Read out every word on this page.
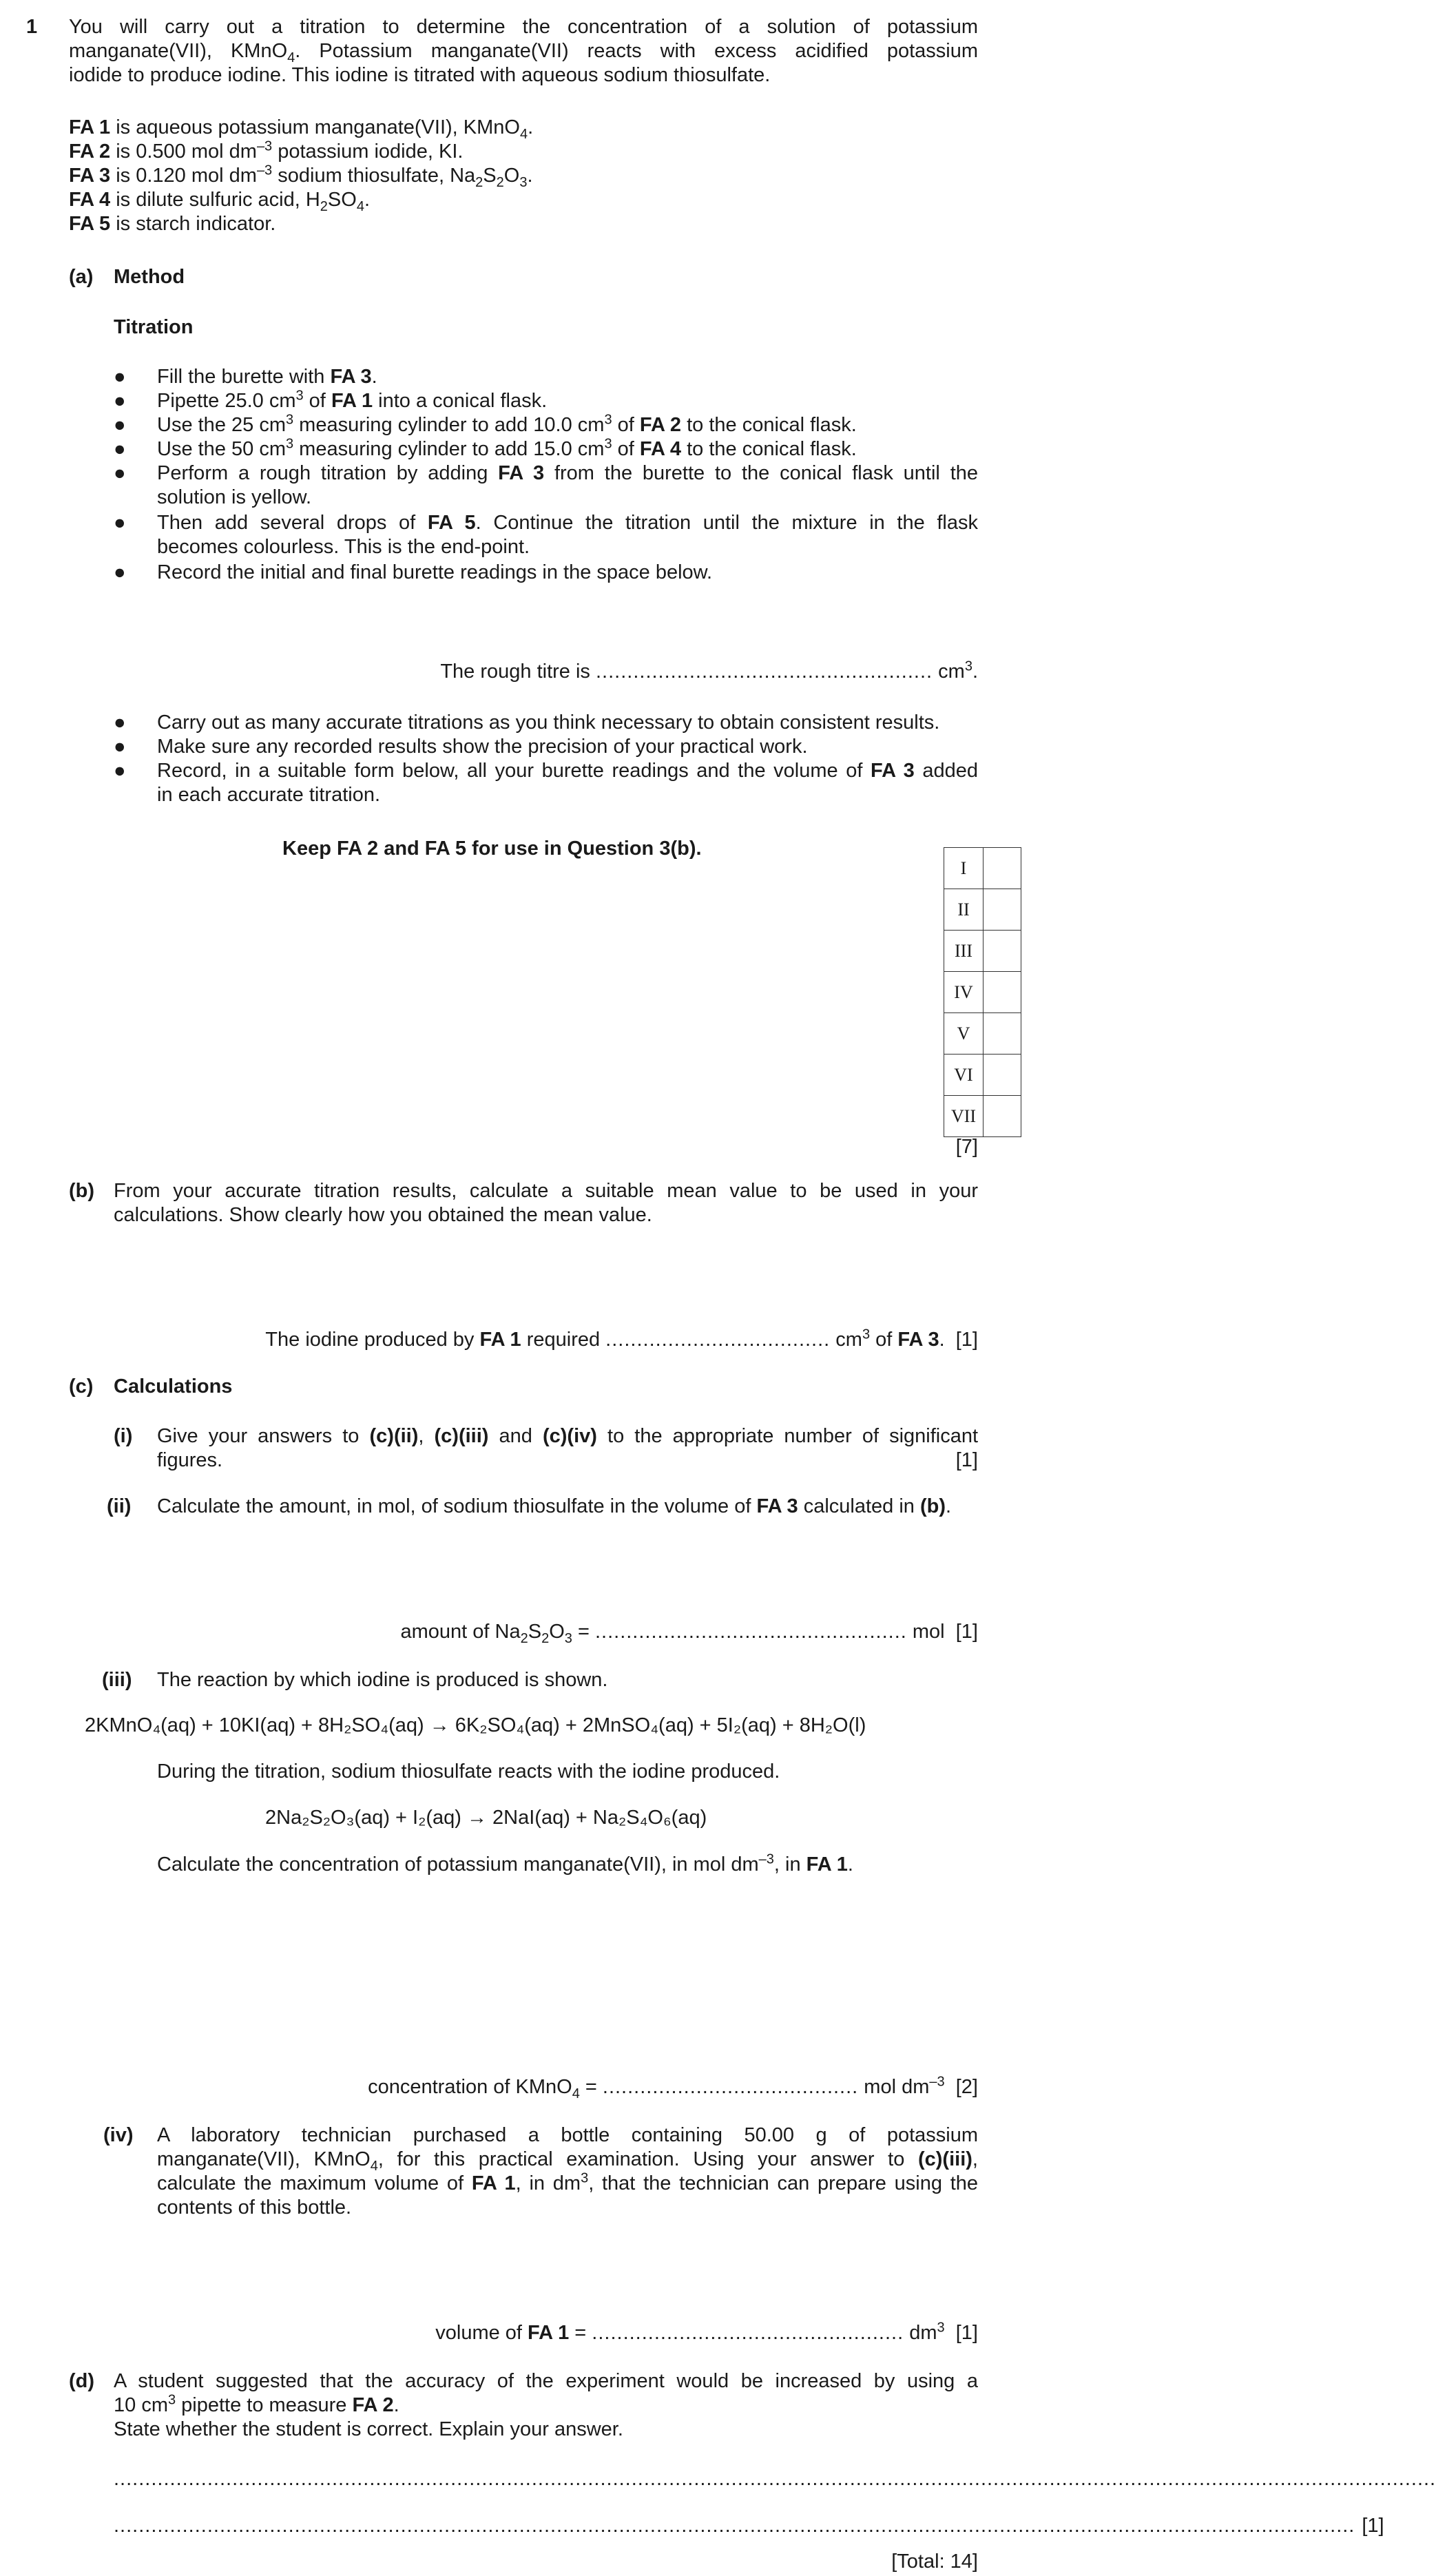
1 You will carry out a titration to determine the concentration of a solution of potassium
manganate(VII), KMnO$_4$. Potassium manganate(VII) reacts with excess acidified potassium
iodide to produce iodine. This iodine is titrated with aqueous sodium thiosulfate.
FA 1 is aqueous potassium manganate(VII), KMnO$_4$.
FA 2 is 0.500 mol $dm^{-3}$ potassium iodide, KI.
FA 3 is 0.120 mol $dm^{-3}$ sodium thiosulfate, $Na_2S_2O_3$.
FA 4 is dilute sulfuric acid, $H_2SO_4$.
FA 5 is starch indicator.
(a) Method
Titration
● Fill the burette with FA 3.
● Pipette 25.0 $cm^3$ of FA 1 into a conical flask.
● Use the 25 $cm^3$ measuring cylinder to add 10.0 $cm^3$ of FA 2 to the conical flask.
● Use the 50 $cm^3$ measuring cylinder to add 15.0 $cm^3$ of FA 4 to the conical flask.
● Perform a rough titration by adding FA 3 from the burette to the conical flask until the
solution is yellow.
● Then add several drops of FA 5. Continue the titration until the mixture in the flask
becomes colourless. This is the end-point.
● Record the initial and final burette readings in the space below.
The rough titre is ...................................................... $cm^3$.
● Carry out as many accurate titrations as you think necessary to obtain consistent results.
● Make sure any recorded results show the precision of your practical work.
● Record, in a suitable form below, all your burette readings and the volume of FA 3 added
in each accurate titration.
Keep FA 2 and FA 5 for use in Question 3(b).
I	
II	
III	
IV	
V	
VI	
VII	
[7]
(b) From your accurate titration results, calculate a suitable mean value to be used in your
calculations. Show clearly how you obtained the mean value.
The iodine produced by FA 1 required .................................... $cm^3$ of FA 3.  [1]
(c) Calculations
(i) Give your answers to (c)(ii), (c)(iii) and (c)(iv) to the appropriate number of significant
figures.	[1]
(ii) Calculate the amount, in mol, of sodium thiosulfate in the volume of FA 3 calculated in (b).
amount of $Na_2S_2O_3$ = .................................................. mol [1]
(iii) The reaction by which iodine is produced is shown.
2KMnO₄(aq) + 10KI(aq) + 8H₂SO₄(aq) → 6K₂SO₄(aq) + 2MnSO₄(aq) + 5I₂(aq) + 8H₂O(l)
During the titration, sodium thiosulfate reacts with the iodine produced.
2Na₂S₂O₃(aq) + I₂(aq) → 2NaI(aq) + Na₂S₄O₆(aq)
Calculate the concentration of potassium manganate(VII), in mol $dm^{-3}$, in FA 1.
concentration of KMnO$_4$ = ......................................... mol $dm^{-3}$ [2]
(iv) A laboratory technician purchased a bottle containing 50.00 g of potassium
manganate(VII), KMnO$_4$, for this practical examination. Using your answer to (c)(iii),
calculate the maximum volume of FA 1, in $dm^3$, that the technician can prepare using the
contents of this bottle.
volume of FA 1 = .................................................. $dm^3$ [1]
(d) A student suggested that the accuracy of the experiment would be increased by using a
10 $cm^3$ pipette to measure FA 2.
State whether the student is correct. Explain your answer.
....................................................................................................................................................................................................................
....................................................................................................................................................................................................... [1]
[Total: 14]
